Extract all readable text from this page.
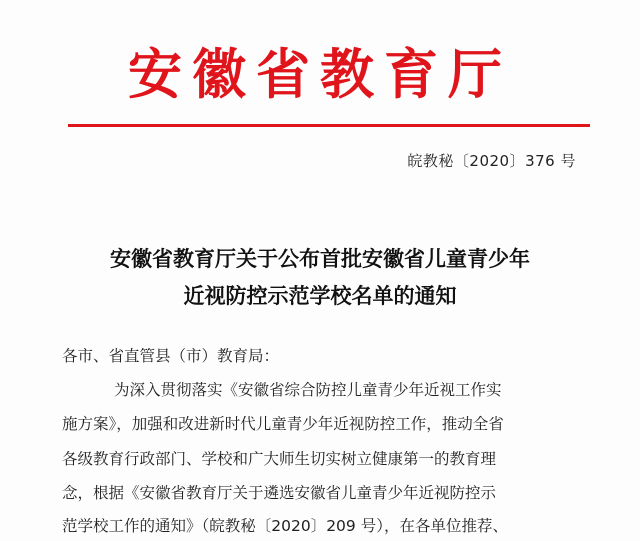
安徽省教育厅
皖教秘〔2020〕376 号
安徽省教育厅关于公布首批安徽省儿童青少年
近视防控示范学校名单的通知
各市、省直管县（市）教育局：
为深入贯彻落实《安徽省综合防控儿童青少年近视工作实
施方案》，加强和改进新时代儿童青少年近视防控工作，推动全省
各级教育行政部门、学校和广大师生切实树立健康第一的教育理
念，根据《安徽省教育厅关于遴选安徽省儿童青少年近视防控示
范学校工作的通知》（皖教秘〔2020〕209 号），在各单位推荐、
